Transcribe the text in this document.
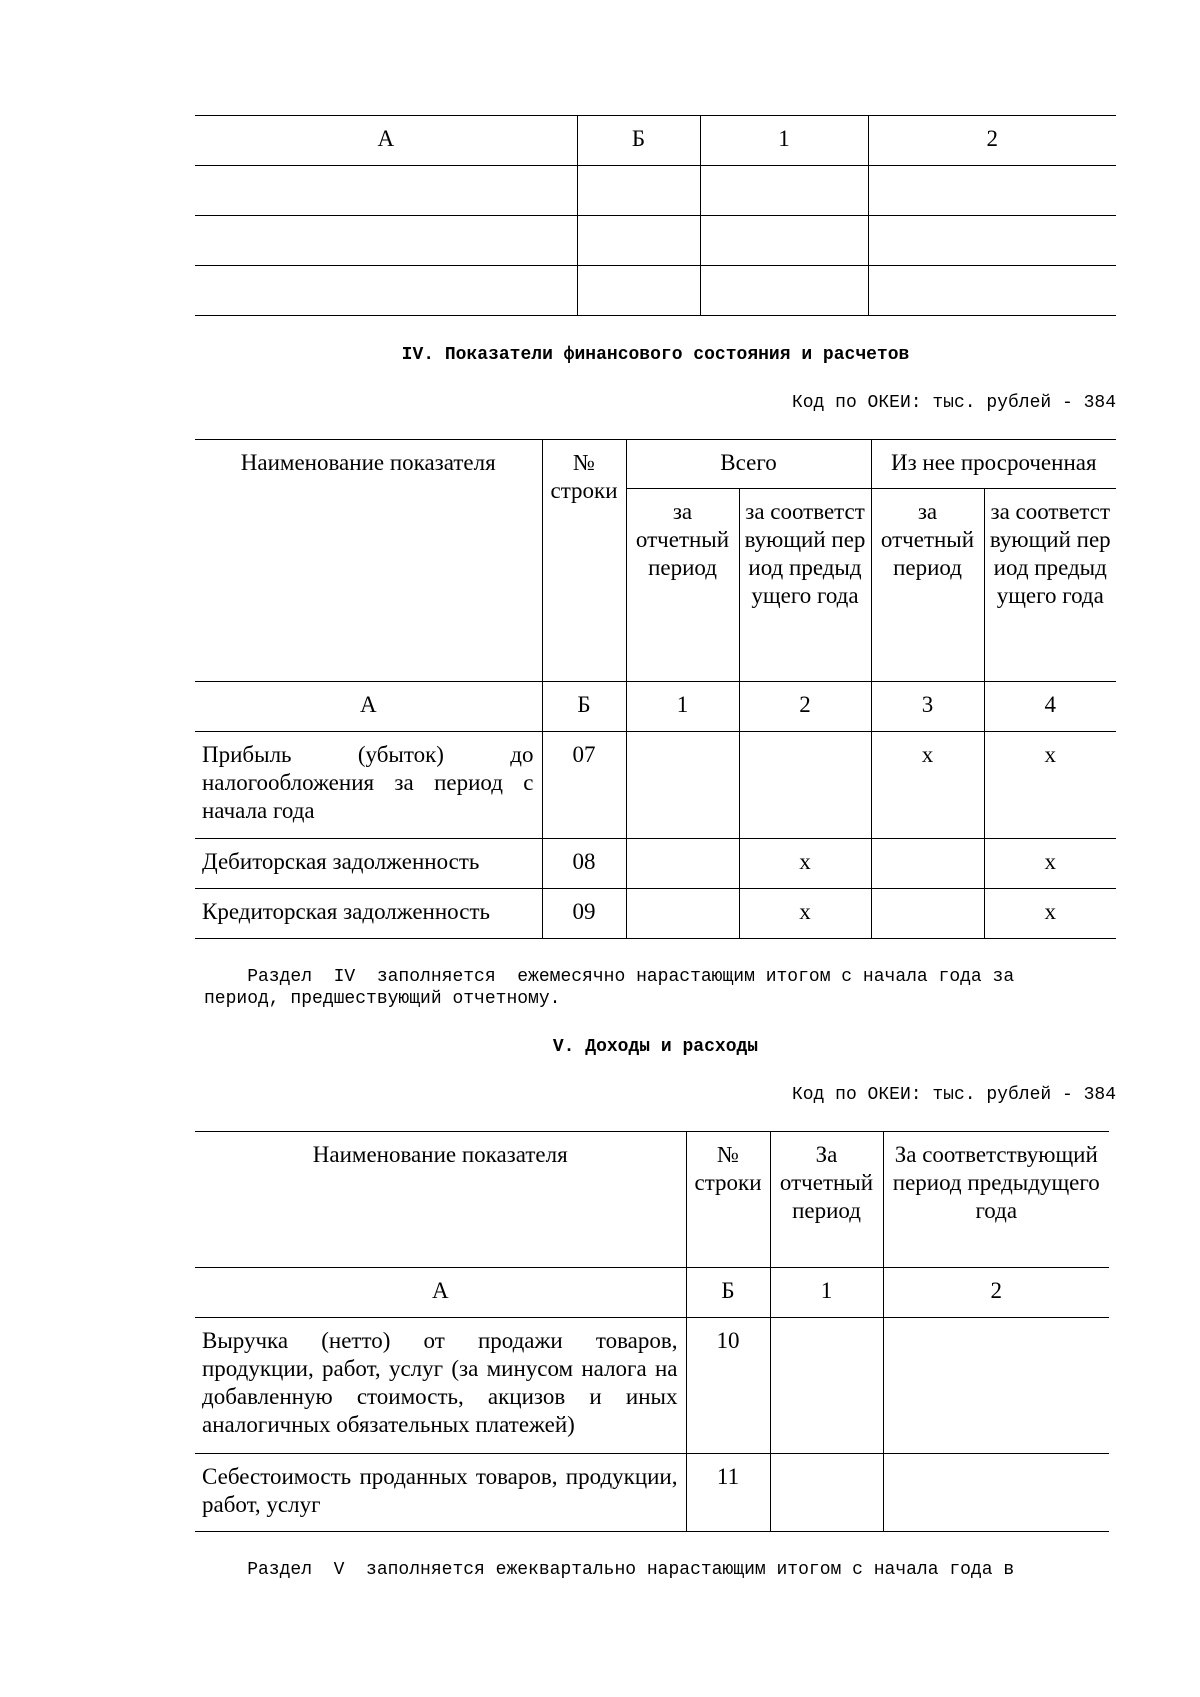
А	Б	1	2

IV. Показатели финансового состояния и расчетов
Код по ОКЕИ: тыс. рублей - 384
Наименование показателя	№ строки	Всего		Из нее просроченная	
		за отчетный период	за соответствующий период предыдущего года	за отчетный период	за соответствующий период предыдущего года
А	Б	1	2	3	4
Прибыль (убыток) до налогообложения за период с начала года	07			х	х
Дебиторская задолженность	08		х		х
Кредиторская задолженность	09		х		х
Раздел  IV  заполняется  ежемесячно нарастающим итогом с начала года за
период, предшествующий отчетному.
V. Доходы и расходы
Код по ОКЕИ: тыс. рублей - 384
Наименование показателя	№ строки	За отчетный период	За соответствующий период предыдущего года
А	Б	1	2
Выручка (нетто) от продажи товаров, продукции, работ, услуг (за минусом налога на добавленную стоимость, акцизов и иных аналогичных обязательных платежей)	10		
Себестоимость проданных товаров, продукции, работ, услуг	11		
Раздел  V  заполняется ежеквартально нарастающим итогом с начала года в
